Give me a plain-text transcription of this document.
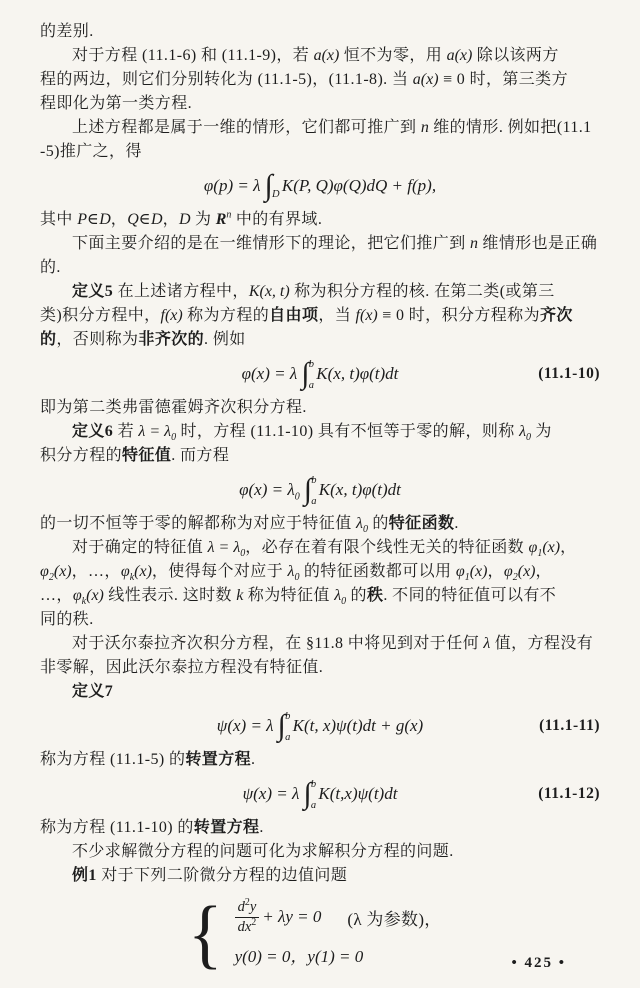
的差别.
对于方程 (11.1-6) 和 (11.1-9)，若 a(x) 恒不为零，用 a(x) 除以该两方
程的两边，则它们分别转化为 (11.1-5)，(11.1-8). 当 a(x) ≡ 0 时，第三类方
程即化为第一类方程.
上述方程都是属于一维的情形，它们都可推广到 n 维的情形. 例如把(11.1
-5)推广之，得
φ(p) = λ ∫ D K(P, Q)φ(Q)dQ + f(p),
其中 P∈D，Q∈D，D 为 $R^n$ 中的有界域.
下面主要介绍的是在一维情形下的理论，把它们推广到 n 维情形也是正确
的.
定义5 在上述诸方程中，K(x, t) 称为积分方程的核. 在第二类(或第三
类)积分方程中，f(x) 称为方程的自由项，当 f(x) ≡ 0 时，积分方程称为齐次
的，否则称为非齐次的. 例如
φ(x) = λ ∫ b
a
K(x, t)φ(t)dt	(11.1-10)
即为第二类弗雷德霍姆齐次积分方程.
定义6 若 $\lambda = \lambda_0$ 时，方程 (11.1-10) 具有不恒等于零的解，则称 $\lambda_0$ 为
积分方程的特征值. 而方程
$\varphi(x) = \lambda_0$ ∫ b
a
K(x, t)φ(t)dt
的一切不恒等于零的解都称为对应于特征值 $\lambda_0$ 的特征函数.
对于确定的特征值 $\lambda = \lambda_0$，必存在着有限个线性无关的特征函数 $\varphi_1(x)$，
$\varphi_2(x)$，…，$\varphi_k(x)$，使得每个对应于 $\lambda_0$ 的特征函数都可以用 $\varphi_1(x)$，$\varphi_2(x)$，
…，$\varphi_k(x)$ 线性表示. 这时数 k 称为特征值 $\lambda_0$ 的秩. 不同的特征值可以有不
同的秩.
对于沃尔泰拉齐次积分方程，在 §11.8 中将见到对于任何 λ 值，方程没有
非零解，因此沃尔泰拉方程没有特征值.
定义7
ψ(x) = λ ∫ b
a
K(t, x)ψ(t)dt + g(x)	(11.1-11)
称为方程 (11.1-5) 的转置方程.
ψ(x) = λ ∫ b
a
K(t,x)ψ(t)dt	(11.1-12)
称为方程 (11.1-10) 的转置方程.
不少求解微分方程的问题可化为求解积分方程的问题.
例1 对于下列二阶微分方程的边值问题
{ $\frac{d^2y}{dx^2} + \lambda y = 0$ (λ 为参数)，
y(0) = 0，y(1) = 0	• 425 •
